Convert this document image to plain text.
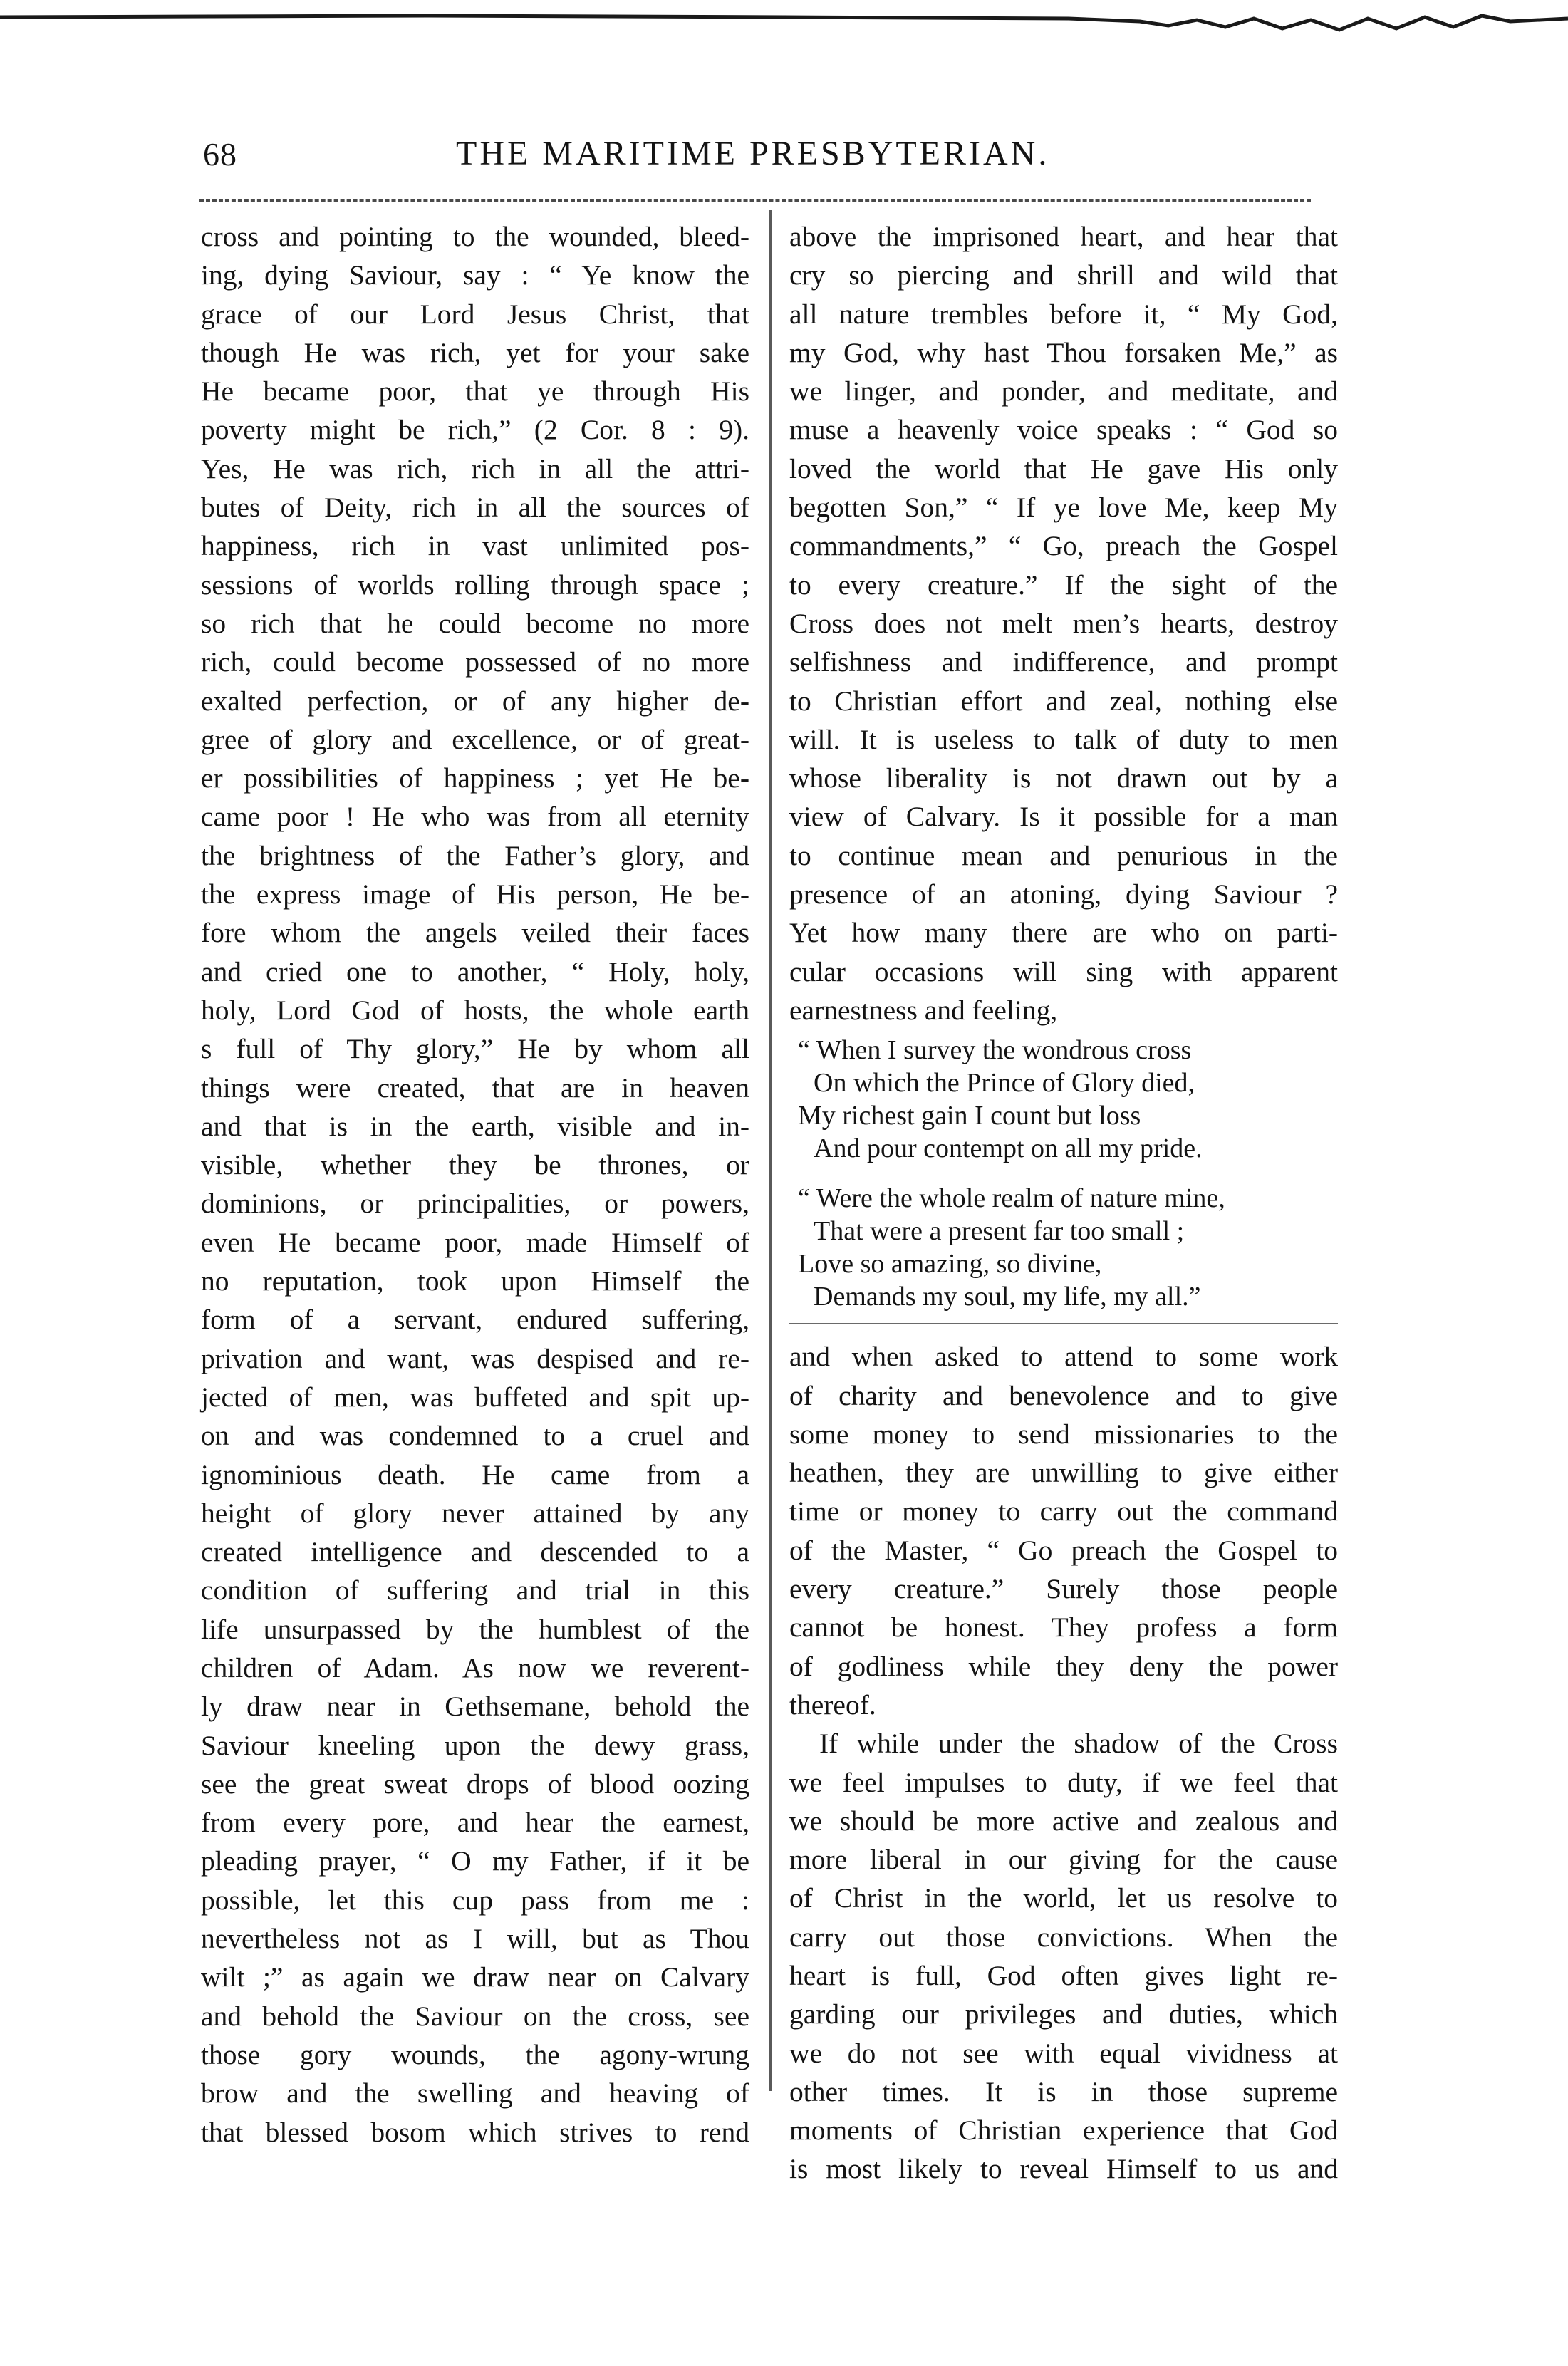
68	THE MARITIME PRESBYTERIAN.
cross and pointing to the wounded, bleed-
ing, dying Saviour, say : “ Ye know the
grace of our Lord Jesus Christ, that
though He was rich, yet for your sake
He became poor, that ye through His
poverty might be rich,” (2 Cor. 8 : 9).
Yes, He was rich, rich in all the attri-
butes of Deity, rich in all the sources of
happiness, rich in vast unlimited pos-
sessions of worlds rolling through space ;
so rich that he could become no more
rich, could become possessed of no more
exalted perfection, or of any higher de-
gree of glory and excellence, or of great-
er possibilities of happiness ; yet He be-
came poor ! He who was from all eternity
the brightness of the Father’s glory, and
the express image of His person, He be-
fore whom the angels veiled their faces
and cried one to another, “ Holy, holy,
holy, Lord God of hosts, the whole earth
s full of Thy glory,” He by whom all
things were created, that are in heaven
and that is in the earth, visible and in-
visible, whether they be thrones, or
dominions, or principalities, or powers,
even He became poor, made Himself of
no reputation, took upon Himself the
form of a servant, endured suffering,
privation and want, was despised and re-
jected of men, was buffeted and spit up-
on and was condemned to a cruel and
ignominious death. He came from a
height of glory never attained by any
created intelligence and descended to a
condition of suffering and trial in this
life unsurpassed by the humblest of the
children of Adam. As now we reverent-
ly draw near in Gethsemane, behold the
Saviour kneeling upon the dewy grass,
see the great sweat drops of blood oozing
from every pore, and hear the earnest,
pleading prayer, “ O my Father, if it be
possible, let this cup pass from me :
nevertheless not as I will, but as Thou
wilt ;” as again we draw near on Calvary
and behold the Saviour on the cross, see
those gory wounds, the agony-wrung
brow and the swelling and heaving of
that blessed bosom which strives to rend
above the imprisoned heart, and hear that
cry so piercing and shrill and wild that
all nature trembles before it, “ My God,
my God, why hast Thou forsaken Me,” as
we linger, and ponder, and meditate, and
muse a heavenly voice speaks : “ God so
loved the world that He gave His only
begotten Son,” “ If ye love Me, keep My
commandments,” “ Go, preach the Gospel
to every creature.” If the sight of the
Cross does not melt men’s hearts, destroy
selfishness and indifference, and prompt
to Christian effort and zeal, nothing else
will. It is useless to talk of duty to men
whose liberality is not drawn out by a
view of Calvary. Is it possible for a man
to continue mean and penurious in the
presence of an atoning, dying Saviour ?
Yet how many there are who on parti-
cular occasions will sing with apparent
earnestness and feeling,
“ When I survey the wondrous cross
On which the Prince of Glory died,
My richest gain I count but loss
And pour contempt on all my pride.
“ Were the whole realm of nature mine,
That were a present far too small ;
Love so amazing, so divine,
Demands my soul, my life, my all.”
and when asked to attend to some work
of charity and benevolence and to give
some money to send missionaries to the
heathen, they are unwilling to give either
time or money to carry out the command
of the Master, “ Go preach the Gospel to
every creature.” Surely those people
cannot be honest. They profess a form
of godliness while they deny the power
thereof.
If while under the shadow of the Cross
we feel impulses to duty, if we feel that
we should be more active and zealous and
more liberal in our giving for the cause
of Christ in the world, let us resolve to
carry out those convictions. When the
heart is full, God often gives light re-
garding our privileges and duties, which
we do not see with equal vividness at
other times. It is in those supreme
moments of Christian experience that God
is most likely to reveal Himself to us and
